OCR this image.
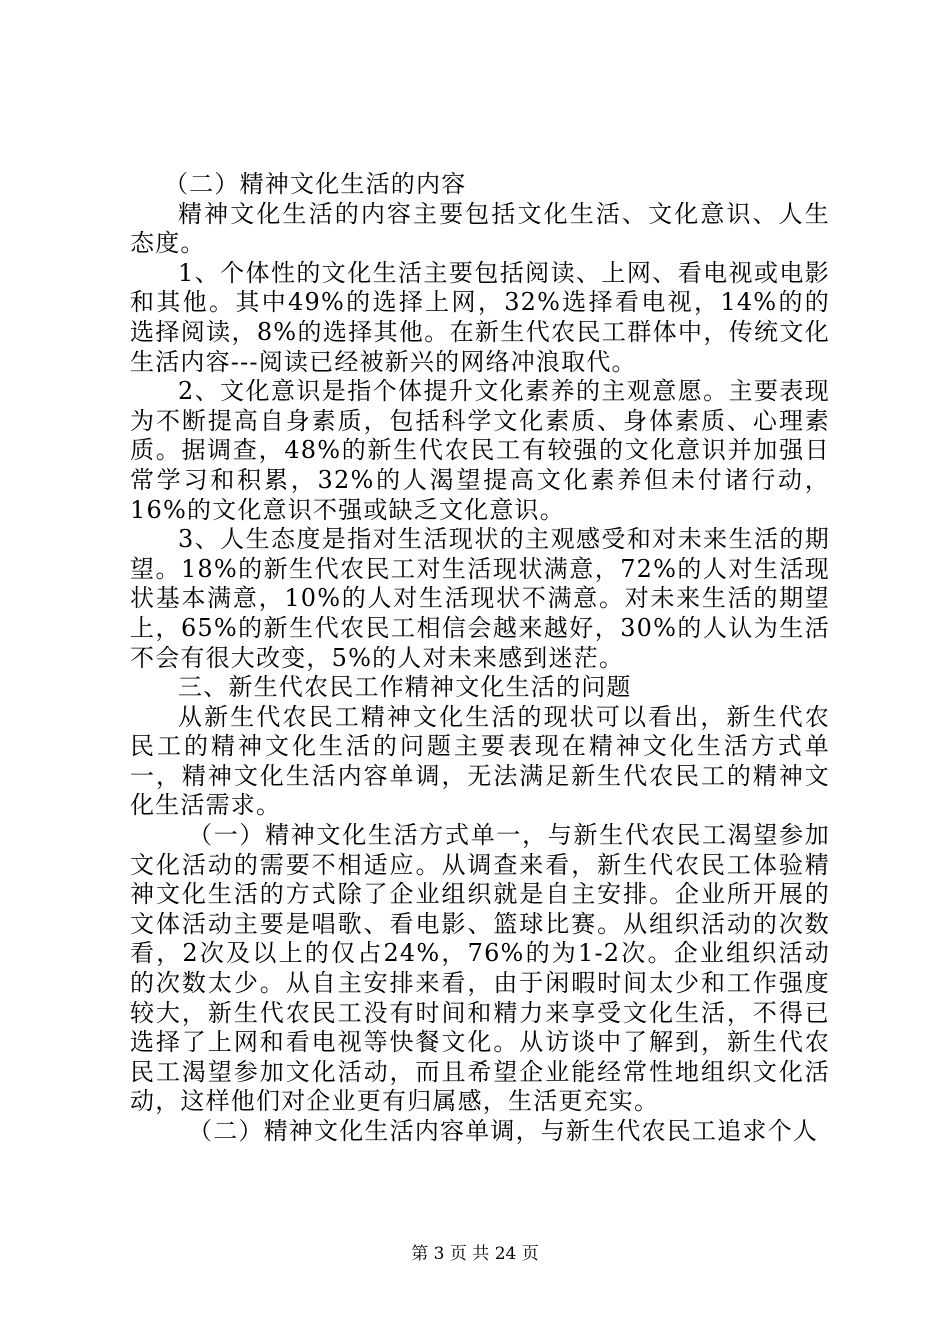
（二）精神文化生活的内容

精神文化生活的内容主要包括文化生活、文化意识、人生态度。

1、个体性的文化生活主要包括阅读、上网、看电视或电影和其他。其中49%的选择上网，32%选择看电视，14%的的选择阅读，8%的选择其他。在新生代农民工群体中，传统文化生活内容---阅读已经被新兴的网络冲浪取代。

2、文化意识是指个体提升文化素养的主观意愿。主要表现为不断提高自身素质，包括科学文化素质、身体素质、心理素质。据调查，48%的新生代农民工有较强的文化意识并加强日常学习和积累，32%的人渴望提高文化素养但未付诸行动，16%的文化意识不强或缺乏文化意识。

3、人生态度是指对生活现状的主观感受和对未来生活的期望。18%的新生代农民工对生活现状满意，72%的人对生活现状基本满意，10%的人对生活现状不满意。对未来生活的期望上，65%的新生代农民工相信会越来越好，30%的人认为生活不会有很大改变，5%的人对未来感到迷茫。

三、新生代农民工作精神文化生活的问题

从新生代农民工精神文化生活的现状可以看出，新生代农民工的精神文化生活的问题主要表现在精神文化生活方式单一，精神文化生活内容单调，无法满足新生代农民工的精神文化生活需求。

（一）精神文化生活方式单一，与新生代农民工渴望参加文化活动的需要不相适应。从调查来看，新生代农民工体验精神文化生活的方式除了企业组织就是自主安排。企业所开展的文体活动主要是唱歌、看电影、篮球比赛。从组织活动的次数看，2次及以上的仅占24%，76%的为1-2次。企业组织活动的次数太少。从自主安排来看，由于闲暇时间太少和工作强度较大，新生代农民工没有时间和精力来享受文化生活，不得已选择了上网和看电视等快餐文化。从访谈中了解到，新生代农民工渴望参加文化活动，而且希望企业能经常性地组织文化活动，这样他们对企业更有归属感，生活更充实。

（二）精神文化生活内容单调，与新生代农民工追求个人

第 3 页 共 24 页
